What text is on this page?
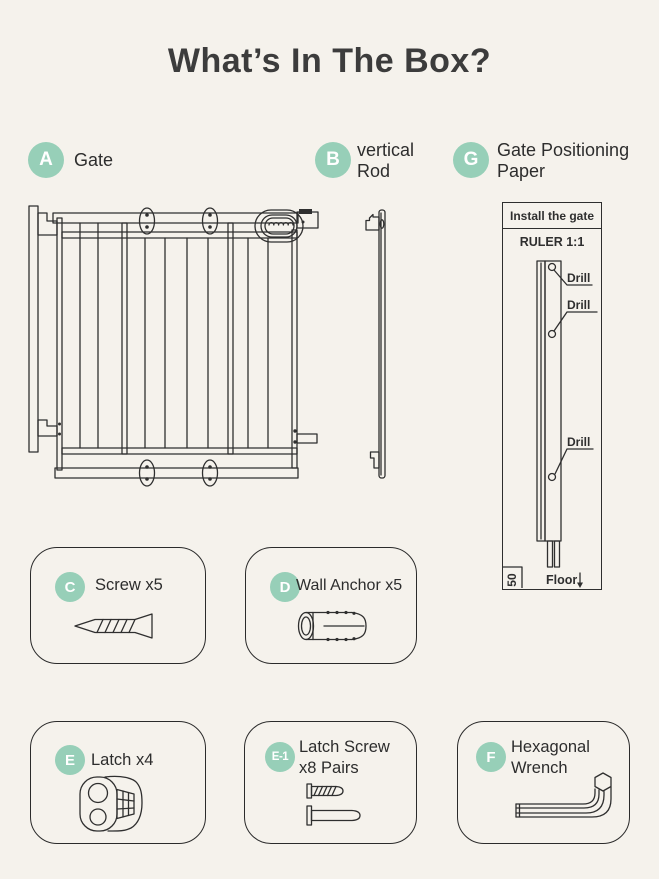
What’s In The Box?
A	Gate	B vertical
Rod
G	Gate Positioning
Paper
Install the gate
RULER 1:1
Drill
Drill
Drill
50 Floor
C	Screw x5	D Wall Anchor x5
E Latch x4	E-1
Latch Screw
x8 Pairs
F
Hexagonal
Wrench
